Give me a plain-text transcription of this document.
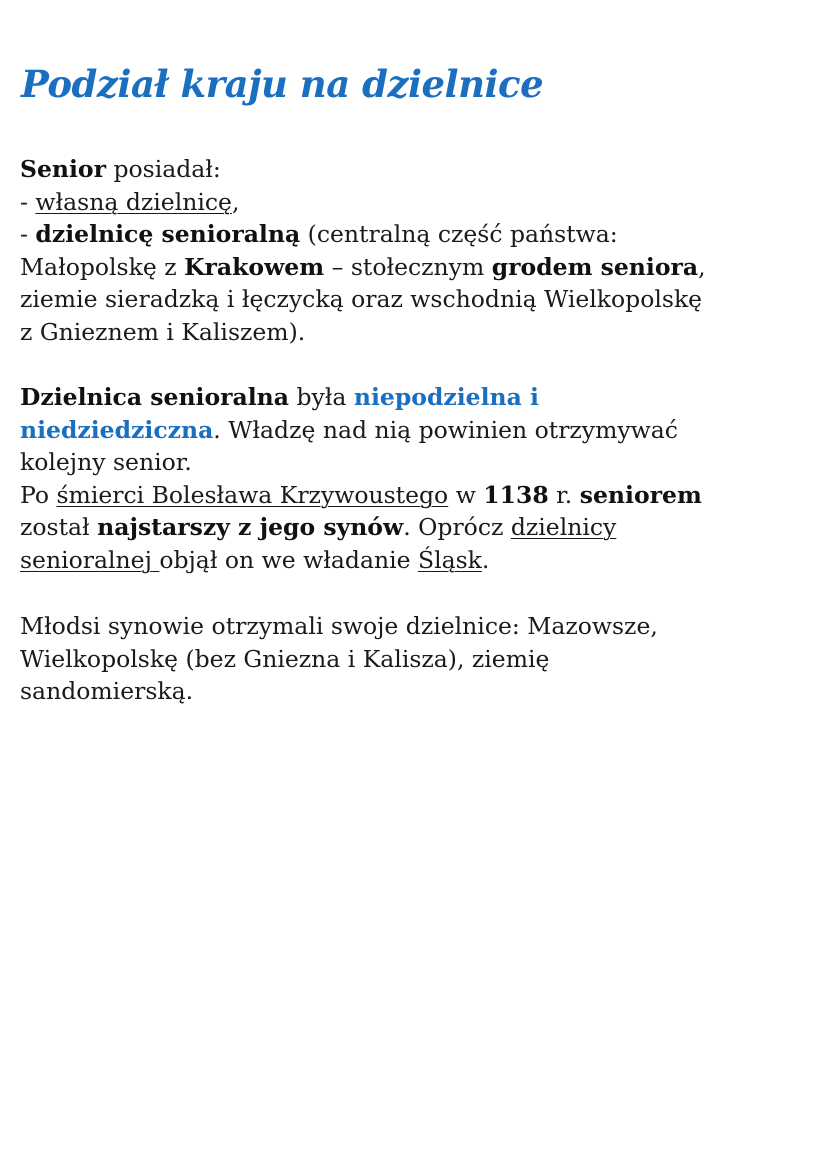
Podział kraju na dzielnice
Senior posiadał:
- własną dzielnicę,
- dzielnicę senioralną (centralną część państwa:
Małopolskę z Krakowem – stołecznym grodem seniora,
ziemie sieradzką i łęczycką oraz wschodnią Wielkopolskę
z Gnieznem i Kaliszem).
Dzielnica senioralna była niepodzielna i
niedziedziczna. Władzę nad nią powinien otrzymywać
kolejny senior.
Po śmierci Bolesława Krzywoustego w 1138 r. seniorem
został najstarszy z jego synów. Oprócz dzielnicy
senioralnej objął on we władanie Śląsk.
Młodsi synowie otrzymali swoje dzielnice: Mazowsze,
Wielkopolskę (bez Gniezna i Kalisza), ziemię
sandomierską.
